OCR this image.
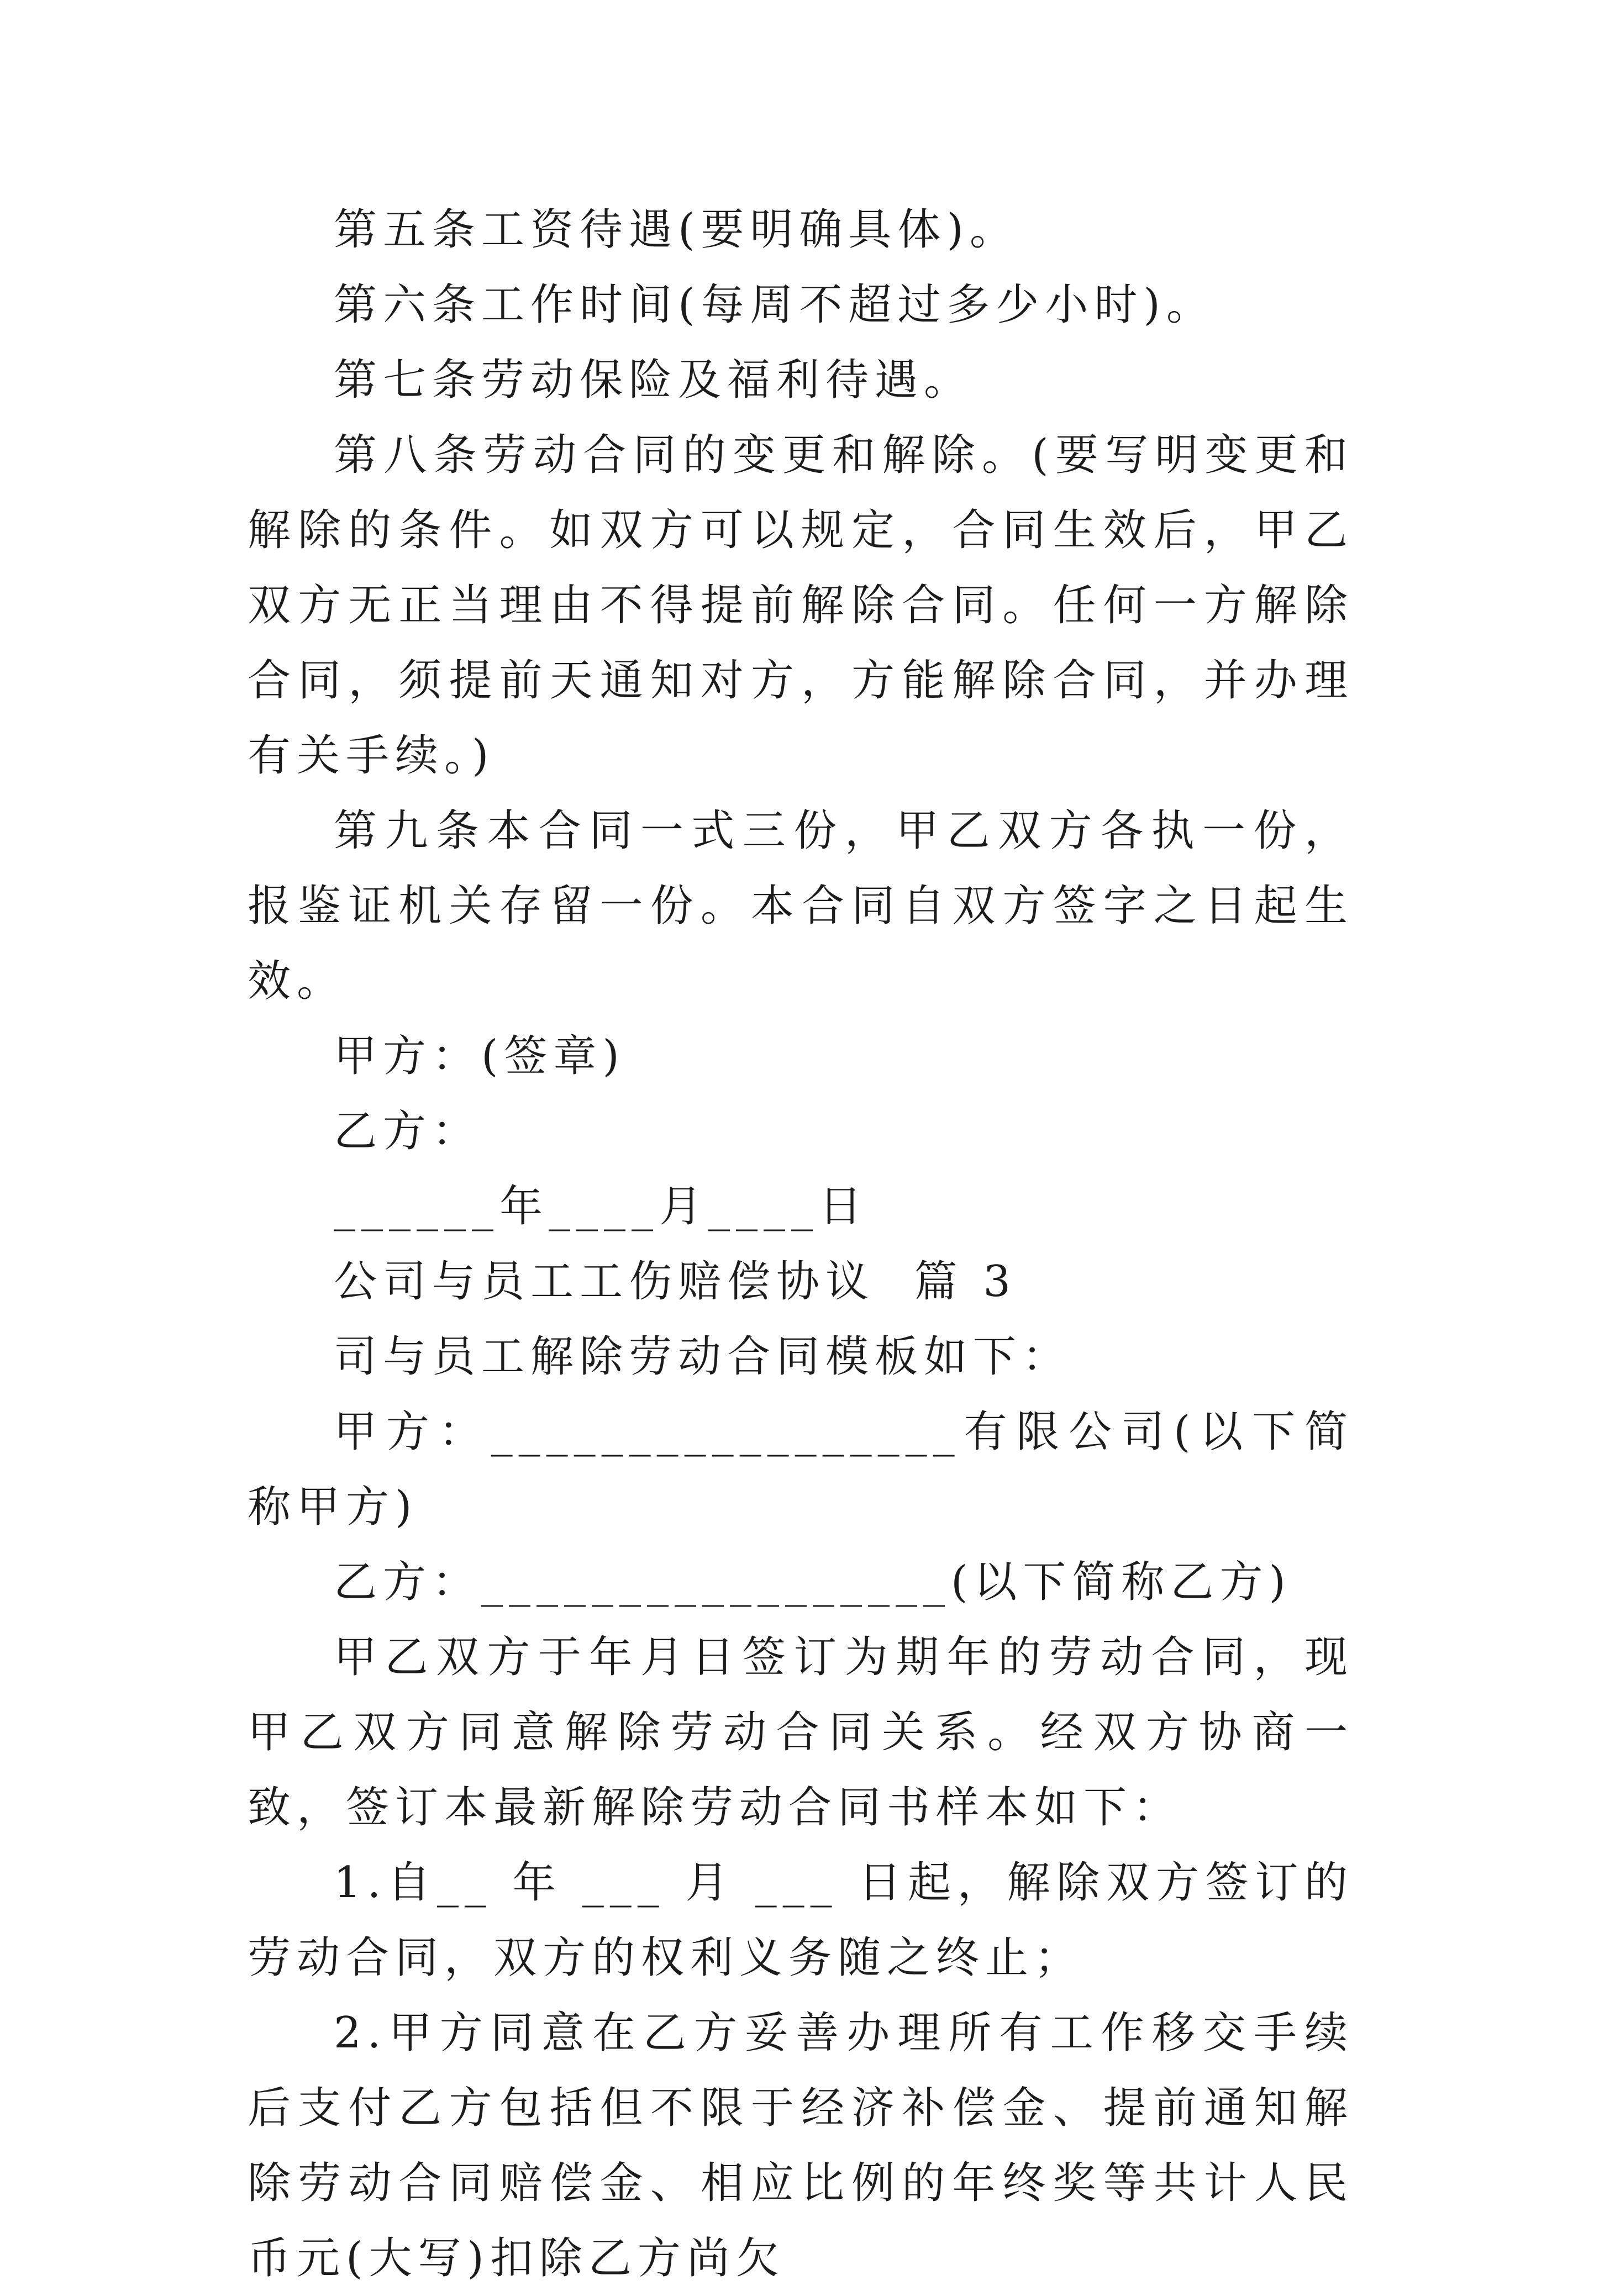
第五条工资待遇(要明确具体)。

第六条工作时间(每周不超过多少小时)。

第七条劳动保险及福利待遇。

第八条劳动合同的变更和解除。(要写明变更和解除的条件。如双方可以规定，合同生效后，甲乙双方无正当理由不得提前解除合同。任何一方解除合同，须提前天通知对方，方能解除合同，并办理有关手续。)

第九条本合同一式三份，甲乙双方各执一份，报鉴证机关存留一份。本合同自双方签字之日起生效。

甲方：(签章)

乙方：

______年____月____日

公司与员工工伤赔偿协议  篇 3

司与员工解除劳动合同模板如下：

甲方：_________________有限公司(以下简称甲方)

乙方：_________________(以下简称乙方)

甲乙双方于年月日签订为期年的劳动合同，现甲乙双方同意解除劳动合同关系。经双方协商一致，签订本最新解除劳动合同书样本如下：

1.自__ 年 ___ 月 ___ 日起，解除双方签订的劳动合同，双方的权利义务随之终止；

2.甲方同意在乙方妥善办理所有工作移交手续后支付乙方包括但不限于经济补偿金、提前通知解除劳动合同赔偿金、相应比例的年终奖等共计人民币元(大写)扣除乙方尚欠
